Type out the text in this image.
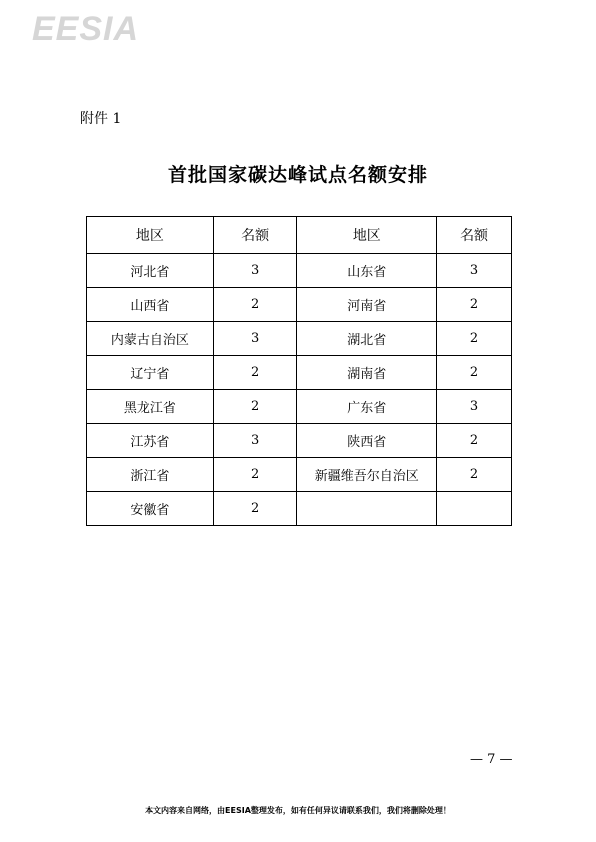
EESIA
附件 1
首批国家碳达峰试点名额安排
地区	名额	地区	名额
河北省	3	山东省	3
山西省	2	河南省	2
内蒙古自治区	3	湖北省	2
辽宁省	2	湖南省	2
黑龙江省	2	广东省	3
江苏省	3	陕西省	2
浙江省	2	新疆维吾尔自治区	2
安徽省	2		
— 7 —
本文内容来自网络，由EESIA整理发布，如有任何异议请联系我们，我们将删除处理！
